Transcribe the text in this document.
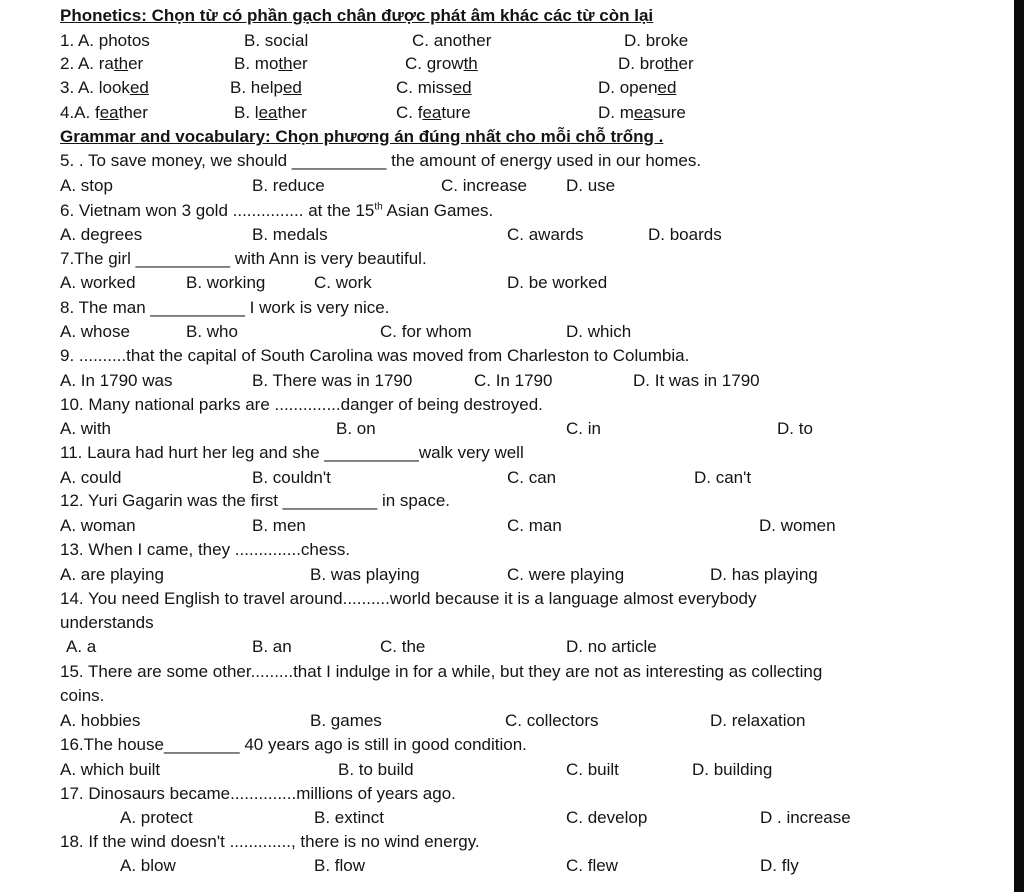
Phonetics: Chọn từ có phần gạch chân được phát âm khác các từ còn lại
1. A. photos	B. social	C. another	D. broke
2. A. rather	B. mother	C. growth	D. brother
3. A. looked	B. helped	C. missed	D. opened
4.A. feather	B. leather	C. feature	D. measure
Grammar and vocabulary: Chọn phương án đúng nhất cho mỗi chỗ trống .
5. . To save money, we should __________ the amount of energy used in our homes.
A. stop	B. reduce	C. increase D. use
6. Vietnam won 3 gold ............... at the 15th Asian Games.
A. degrees	B. medals	C. awards	D. boards
7.The girl __________ with Ann is very beautiful.
A. worked	B. working	C. work	D. be worked
8. The man __________ I work is very nice.
A. whose	B. who	C. for whom	D. which
9. ..........that the capital of South Carolina was moved from Charleston to Columbia.
A. In 1790 was	B. There was in 1790	C. In 1790	D. It was in 1790
10. Many national parks are ..............danger of being destroyed.
A. with	B. on	C. in	D. to
11. Laura had hurt her leg and she __________walk very well
A. could	B. couldn't	C. can	D. can't
12. Yuri Gagarin was the first __________ in space.
A. woman	B. men	C. man	D. women
13. When I came, they ..............chess.
A. are playing	B. was playing	C. were playing	D. has playing
14. You need English to travel around..........world because it is a language almost everybody
understands
A. a	B. an	C. the	D. no article
15. There are some other.........that I indulge in for a while, but they are not as interesting as collecting
coins.
A. hobbies	B. games	C. collectors	D. relaxation
16.The house________ 40 years ago is still in good condition.
A. which built	B. to build	C. built	D. building
17. Dinosaurs became..............millions of years ago.
A. protect	B. extinct	C. develop	D . increase
18. If the wind doesn't ............., there is no wind energy.
A. blow	B. flow	C. flew	D. fly
